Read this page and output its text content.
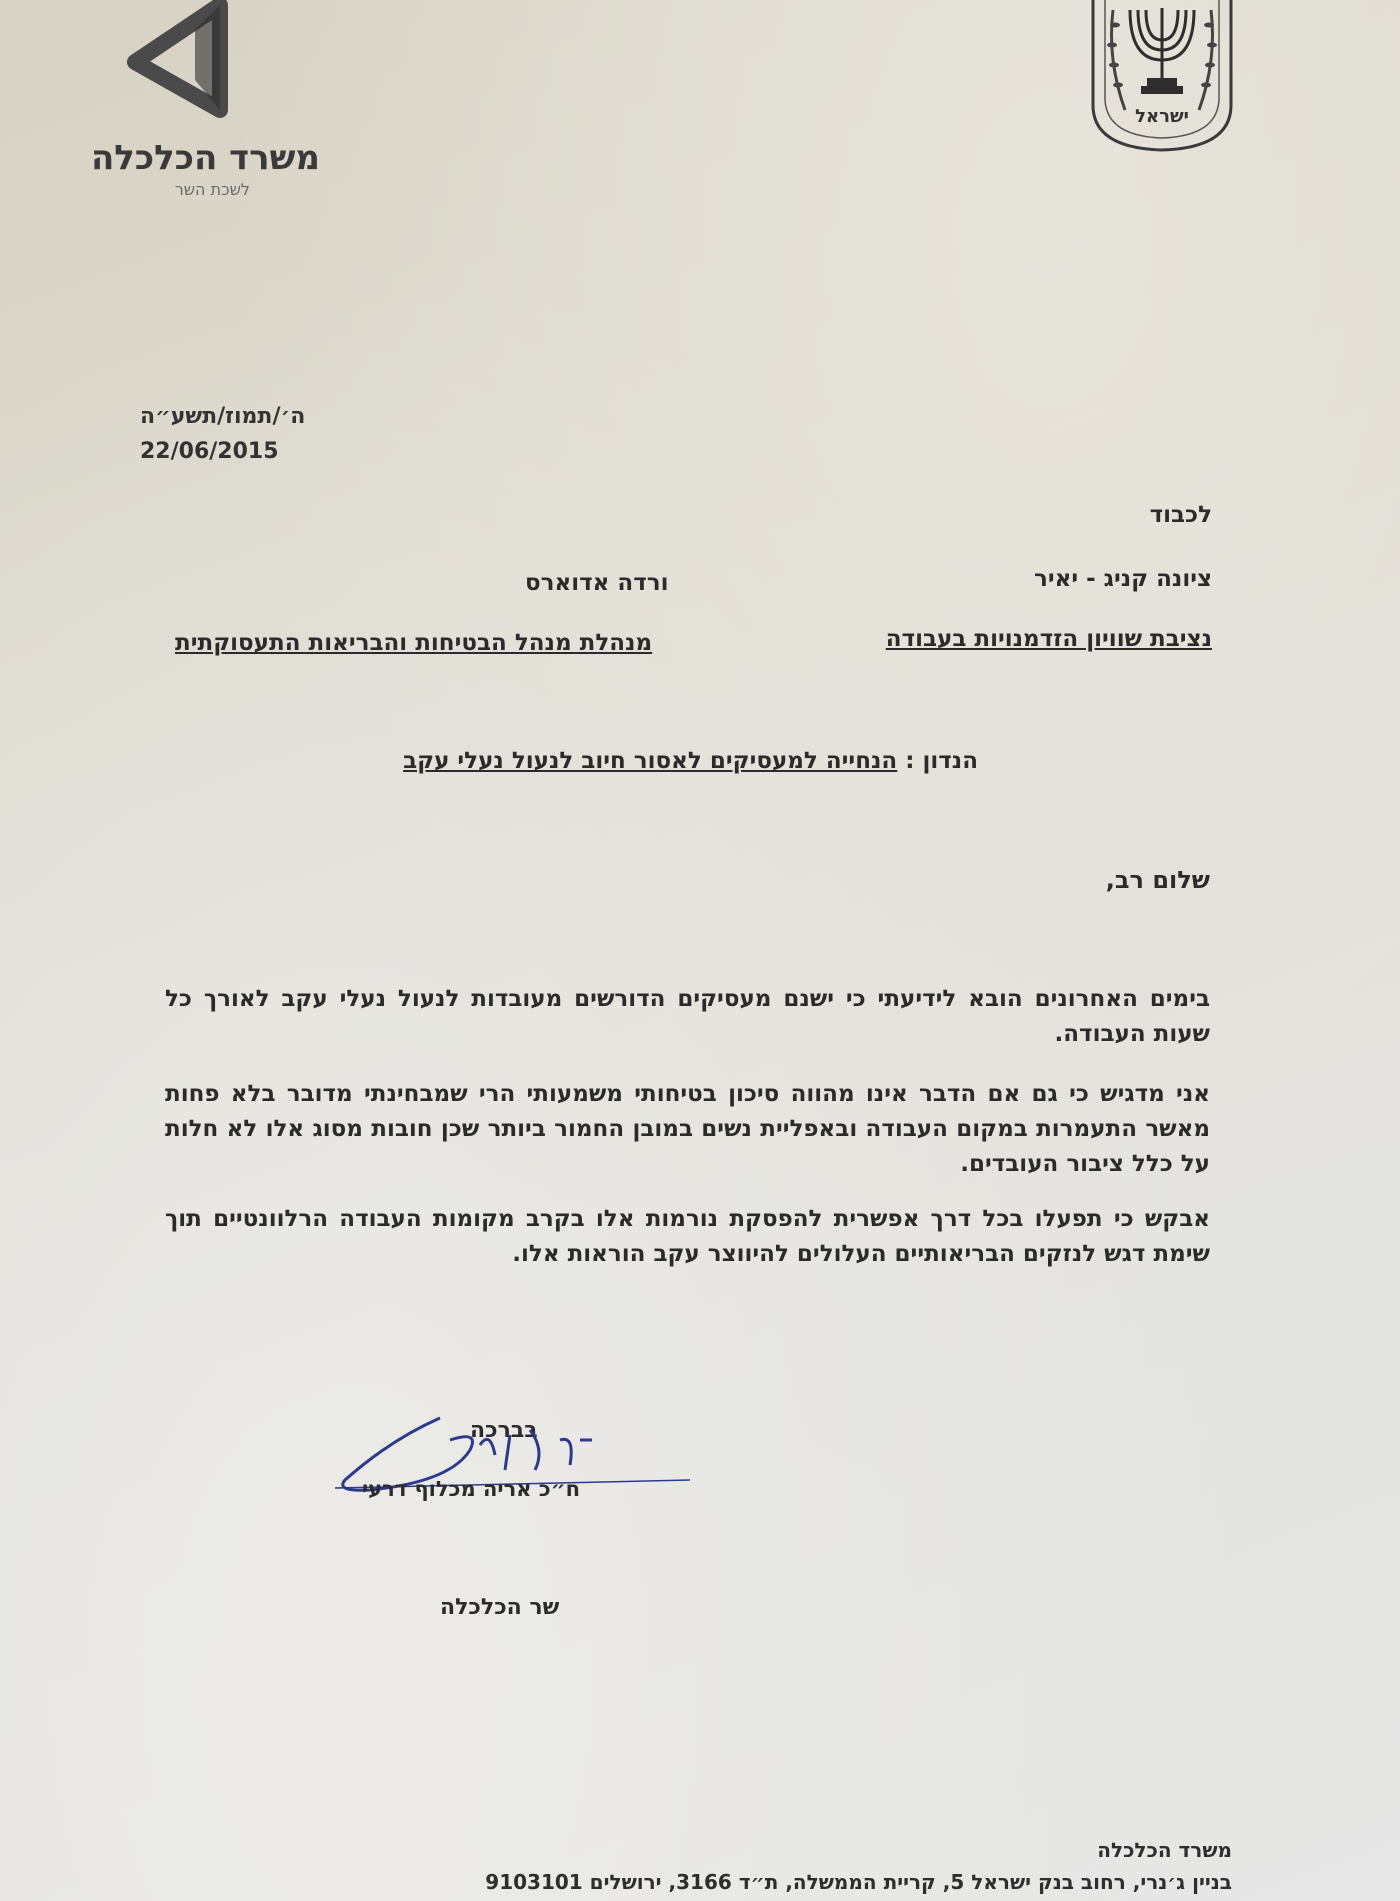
משרד הכלכלה
לשכת השר
ישראל
ה׳/תמוז/תשע״ה
22/06/2015
לכבוד
ציונה קניג - יאיר
נציבת שוויון הזדמנויות בעבודה
ורדה אדוארס
מנהלת מנהל הבטיחות והבריאות התעסוקתית
הנדון : הנחייה למעסיקים לאסור חיוב לנעול נעלי עקב
שלום רב,
בימים האחרונים הובא לידיעתי כי ישנם מעסיקים הדורשים מעובדות לנעול נעלי עקב לאורך כל שעות העבודה.
אני מדגיש כי גם אם הדבר אינו מהווה סיכון בטיחותי משמעותי הרי שמבחינתי מדובר בלא פחות מאשר התעמרות במקום העבודה ובאפליית נשים במובן החמור ביותר שכן חובות מסוג אלו לא חלות על כלל ציבור העובדים.
אבקש כי תפעלו בכל דרך אפשרית להפסקת נורמות אלו בקרב מקומות העבודה הרלוונטיים תוך שימת דגש לנזקים הבריאותיים העלולים להיווצר עקב הוראות אלו.
בברכה
ח״כ אריה מכלוף דרעי
שר הכלכלה
משרד הכלכלה
בניין ג׳נרי, רחוב בנק ישראל 5, קריית הממשלה, ת״ד 3166, ירושלים 9103101
